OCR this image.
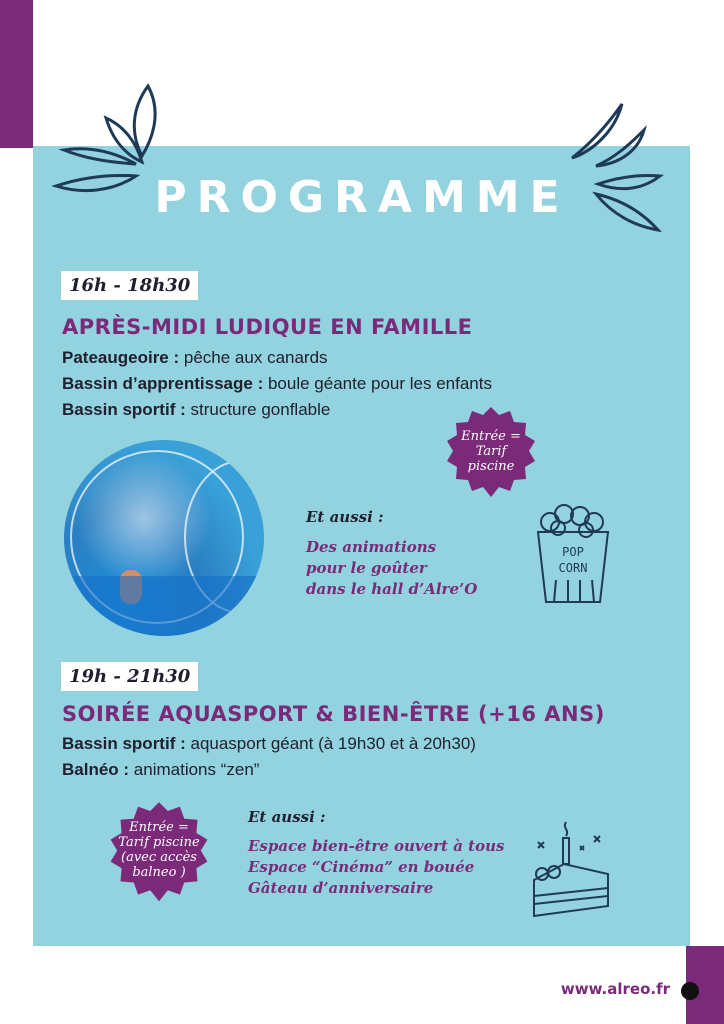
PROGRAMME
16h - 18h30
APRÈS-MIDI LUDIQUE EN FAMILLE
Pateaugeoire : pêche aux canards
Bassin d’apprentissage : boule géante pour les enfants
Bassin sportif : structure gonflable
Entrée =
Tarif
piscine
Et aussi :
Des animations
pour le goûter
dans le hall d’Alre’O
POP
CORN
19h - 21h30
SOIRÉE AQUASPORT & BIEN-ÊTRE (+16 ANS)
Bassin sportif : aquasport géant (à 19h30 et à 20h30)
Balnéo : animations “zen”
Entrée =
Tarif piscine
(avec accès
balneo )
Et aussi :
Espace bien-être ouvert à tous
Espace “Cinéma” en bouée
Gâteau d’anniversaire
www.alreo.fr
